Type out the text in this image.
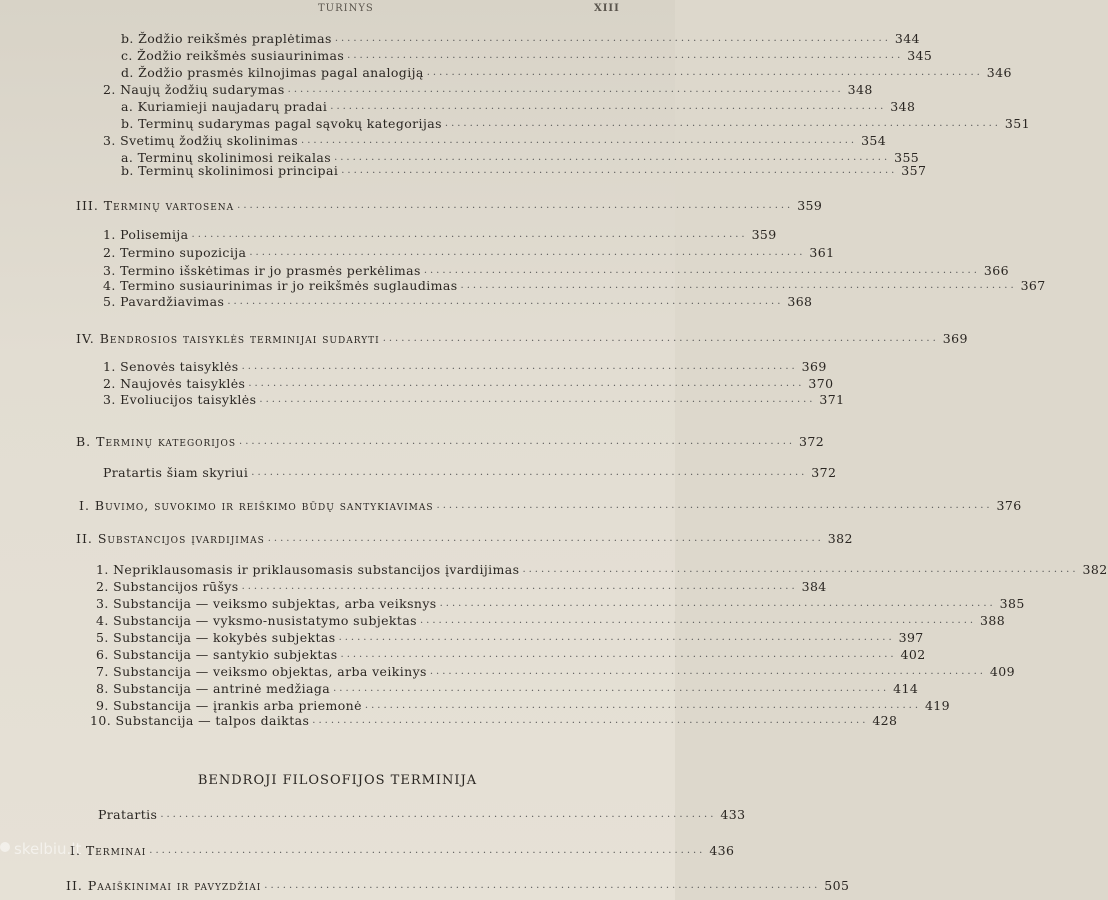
TURINYS	XIII
b. Žodžio reikšmės praplėtimas .......................................................................................... 344
c. Žodžio reikšmės susiaurinimas .......................................................................................... 345
d. Žodžio prasmės kilnojimas pagal analogiją .......................................................................................... 346
2. Naujų žodžių sudarymas .......................................................................................... 348
a. Kuriamieji naujadarų pradai .......................................................................................... 348
b. Terminų sudarymas pagal sąvokų kategorijas .......................................................................................... 351
3. Svetimų žodžių skolinimas .......................................................................................... 354
a. Terminų skolinimosi reikalas .......................................................................................... 355
b. Terminų skolinimosi principai .......................................................................................... 357
III. Terminų vartosena .......................................................................................... 359
1. Polisemija .......................................................................................... 359
2. Termino supozicija .......................................................................................... 361
3. Termino išskėtimas ir jo prasmės perkėlimas .......................................................................................... 366
4. Termino susiaurinimas ir jo reikšmės suglaudimas .......................................................................................... 367
5. Pavardžiavimas .......................................................................................... 368
IV. Bendrosios taisyklės terminijai sudaryti .......................................................................................... 369
1. Senovės taisyklės .......................................................................................... 369
2. Naujovės taisyklės .......................................................................................... 370
3. Evoliucijos taisyklės .......................................................................................... 371
B. Terminų kategorijos .......................................................................................... 372
Pratartis šiam skyriui .......................................................................................... 372
I. Buvimo, suvokimo ir reiškimo būdų santykiavimas .......................................................................................... 376
II. Substancijos įvardijimas .......................................................................................... 382
1. Nepriklausomasis ir priklausomasis substancijos įvardijimas .......................................................................................... 382
2. Substancijos rūšys .......................................................................................... 384
3. Substancija — veiksmo subjektas, arba veiksnys .......................................................................................... 385
4. Substancija — vyksmo-nusistatymo subjektas .......................................................................................... 388
5. Substancija — kokybės subjektas .......................................................................................... 397
6. Substancija — santykio subjektas .......................................................................................... 402
7. Substancija — veiksmo objektas, arba veikinys .......................................................................................... 409
8. Substancija — antrinė medžiaga .......................................................................................... 414
9. Substancija — įrankis arba priemonė .......................................................................................... 419
10. Substancija — talpos daiktas .......................................................................................... 428
BENDROJI FILOSOFIJOS TERMINIJA
Pratartis .......................................................................................... 433
I. Terminai .......................................................................................... 436
II. Paaiškinimai ir pavyzdžiai .......................................................................................... 505
skelbiu.lt
